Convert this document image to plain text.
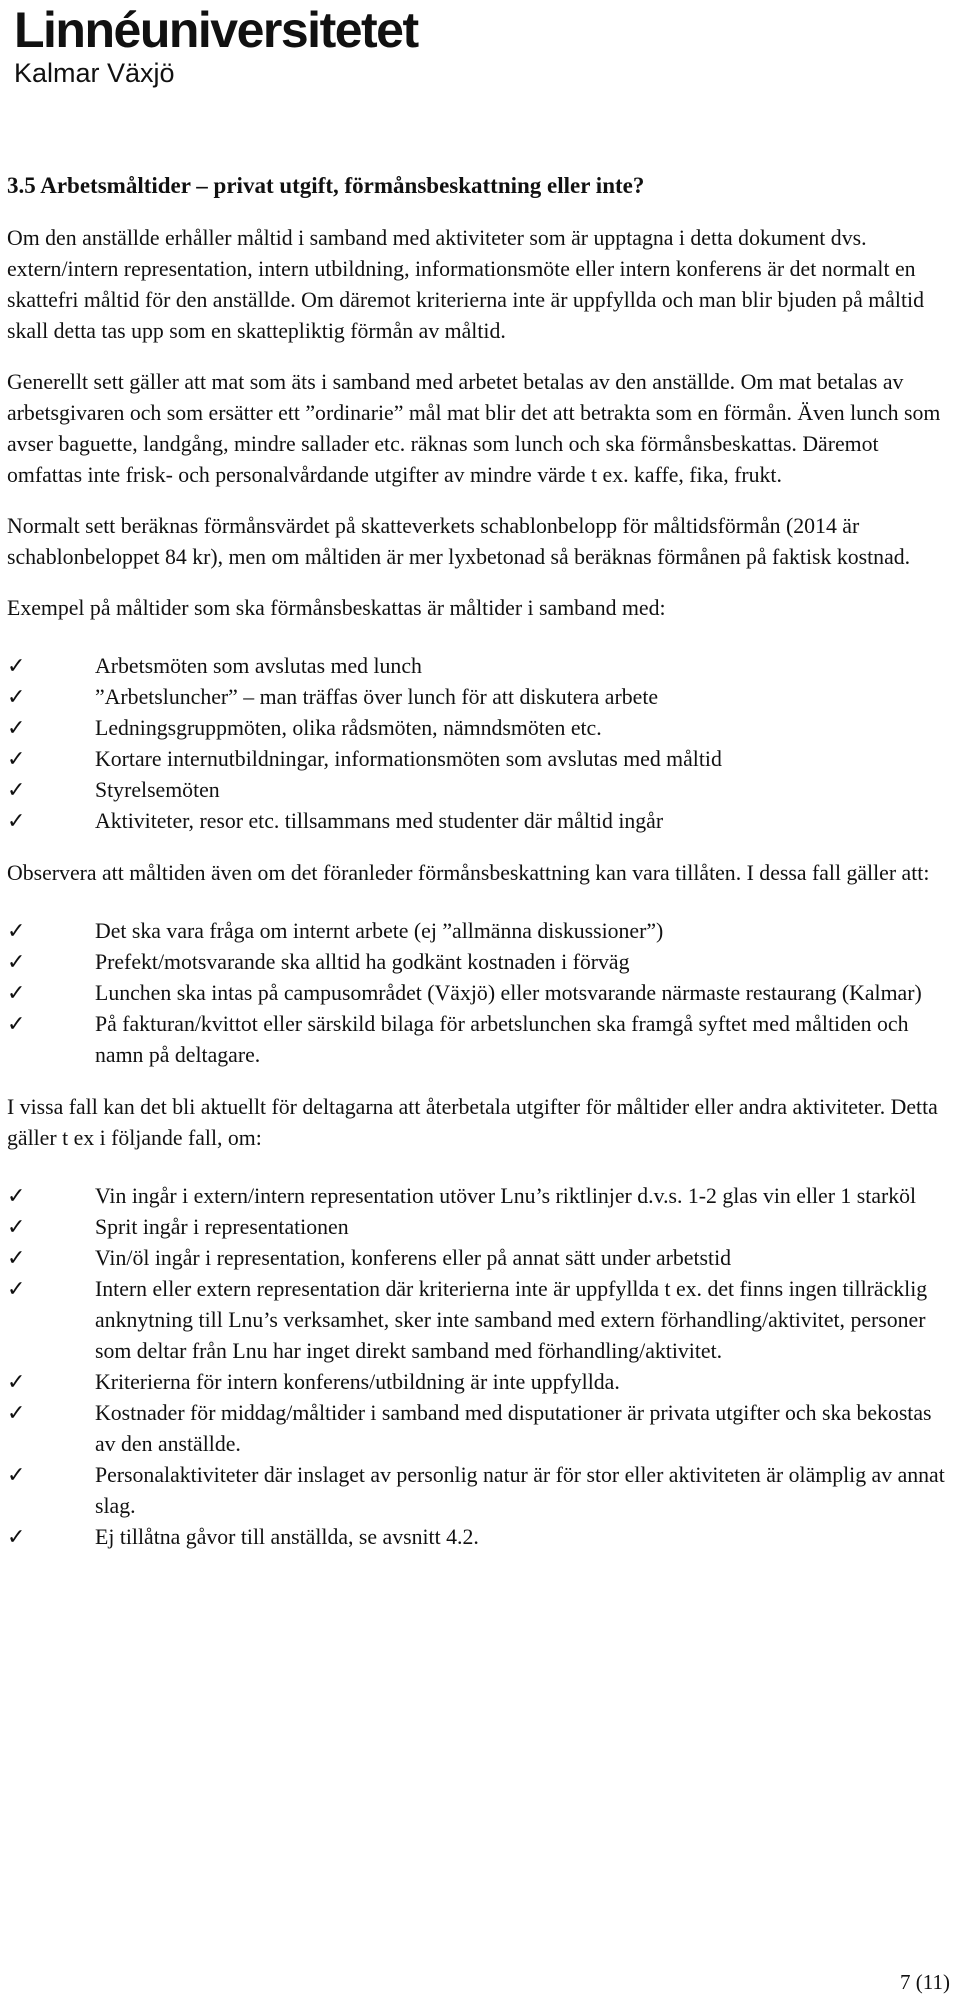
Linnéuniversitetet
Kalmar Växjö
3.5 Arbetsmåltider – privat utgift, förmånsbeskattning eller inte?

Om den anställde erhåller måltid i samband med aktiviteter som är upptagna i detta dokument dvs. extern/intern representation, intern utbildning, informationsmöte eller intern konferens är det normalt en skattefri måltid för den anställde. Om däremot kriterierna inte är uppfyllda och man blir bjuden på måltid skall detta tas upp som en skattepliktig förmån av måltid.

Generellt sett gäller att mat som äts i samband med arbetet betalas av den anställde. Om mat betalas av arbetsgivaren och som ersätter ett ”ordinarie” mål mat blir det att betrakta som en förmån. Även lunch som avser baguette, landgång, mindre sallader etc. räknas som lunch och ska förmånsbeskattas. Däremot omfattas inte frisk- och personalvårdande utgifter av mindre värde t ex. kaffe, fika, frukt.

Normalt sett beräknas förmånsvärdet på skatteverkets schablonbelopp för måltidsförmån (2014 är schablonbeloppet 84 kr), men om måltiden är mer lyxbetonad så beräknas förmånen på faktisk kostnad.

Exempel på måltider som ska förmånsbeskattas är måltider i samband med:

✓	Arbetsmöten som avslutas med lunch
✓	”Arbetsluncher” – man träffas över lunch för att diskutera arbete
✓	Ledningsgruppmöten, olika rådsmöten, nämndsmöten etc.
✓	Kortare internutbildningar, informationsmöten som avslutas med måltid
✓	Styrelsemöten
✓	Aktiviteter, resor etc. tillsammans med studenter där måltid ingår

Observera att måltiden även om det föranleder förmånsbeskattning kan vara tillåten. I dessa fall gäller att:

✓	Det ska vara fråga om internt arbete (ej ”allmänna diskussioner”)
✓	Prefekt/motsvarande ska alltid ha godkänt kostnaden i förväg
✓	Lunchen ska intas på campusområdet (Växjö) eller motsvarande närmaste restaurang (Kalmar)
✓	På fakturan/kvittot eller särskild bilaga för arbetslunchen ska framgå syftet med måltiden och namn på deltagare.

I vissa fall kan det bli aktuellt för deltagarna att återbetala utgifter för måltider eller andra aktiviteter. Detta gäller t ex i följande fall, om:

✓	Vin ingår i extern/intern representation utöver Lnu’s riktlinjer d.v.s. 1-2 glas vin eller 1 starköl
✓	Sprit ingår i representationen
✓	Vin/öl ingår i representation, konferens eller på annat sätt under arbetstid
✓	Intern eller extern representation där kriterierna inte är uppfyllda t ex. det finns ingen tillräcklig anknytning till Lnu’s verksamhet, sker inte samband med extern förhandling/aktivitet, personer som deltar från Lnu har inget direkt samband med förhandling/aktivitet.
✓	Kriterierna för intern konferens/utbildning är inte uppfyllda.
✓	Kostnader för middag/måltider i samband med disputationer är privata utgifter och ska bekostas av den anställde.
✓	Personalaktiviteter där inslaget av personlig natur är för stor eller aktiviteten är olämplig av annat slag.
✓	Ej tillåtna gåvor till anställda, se avsnitt 4.2.
7 (11)
